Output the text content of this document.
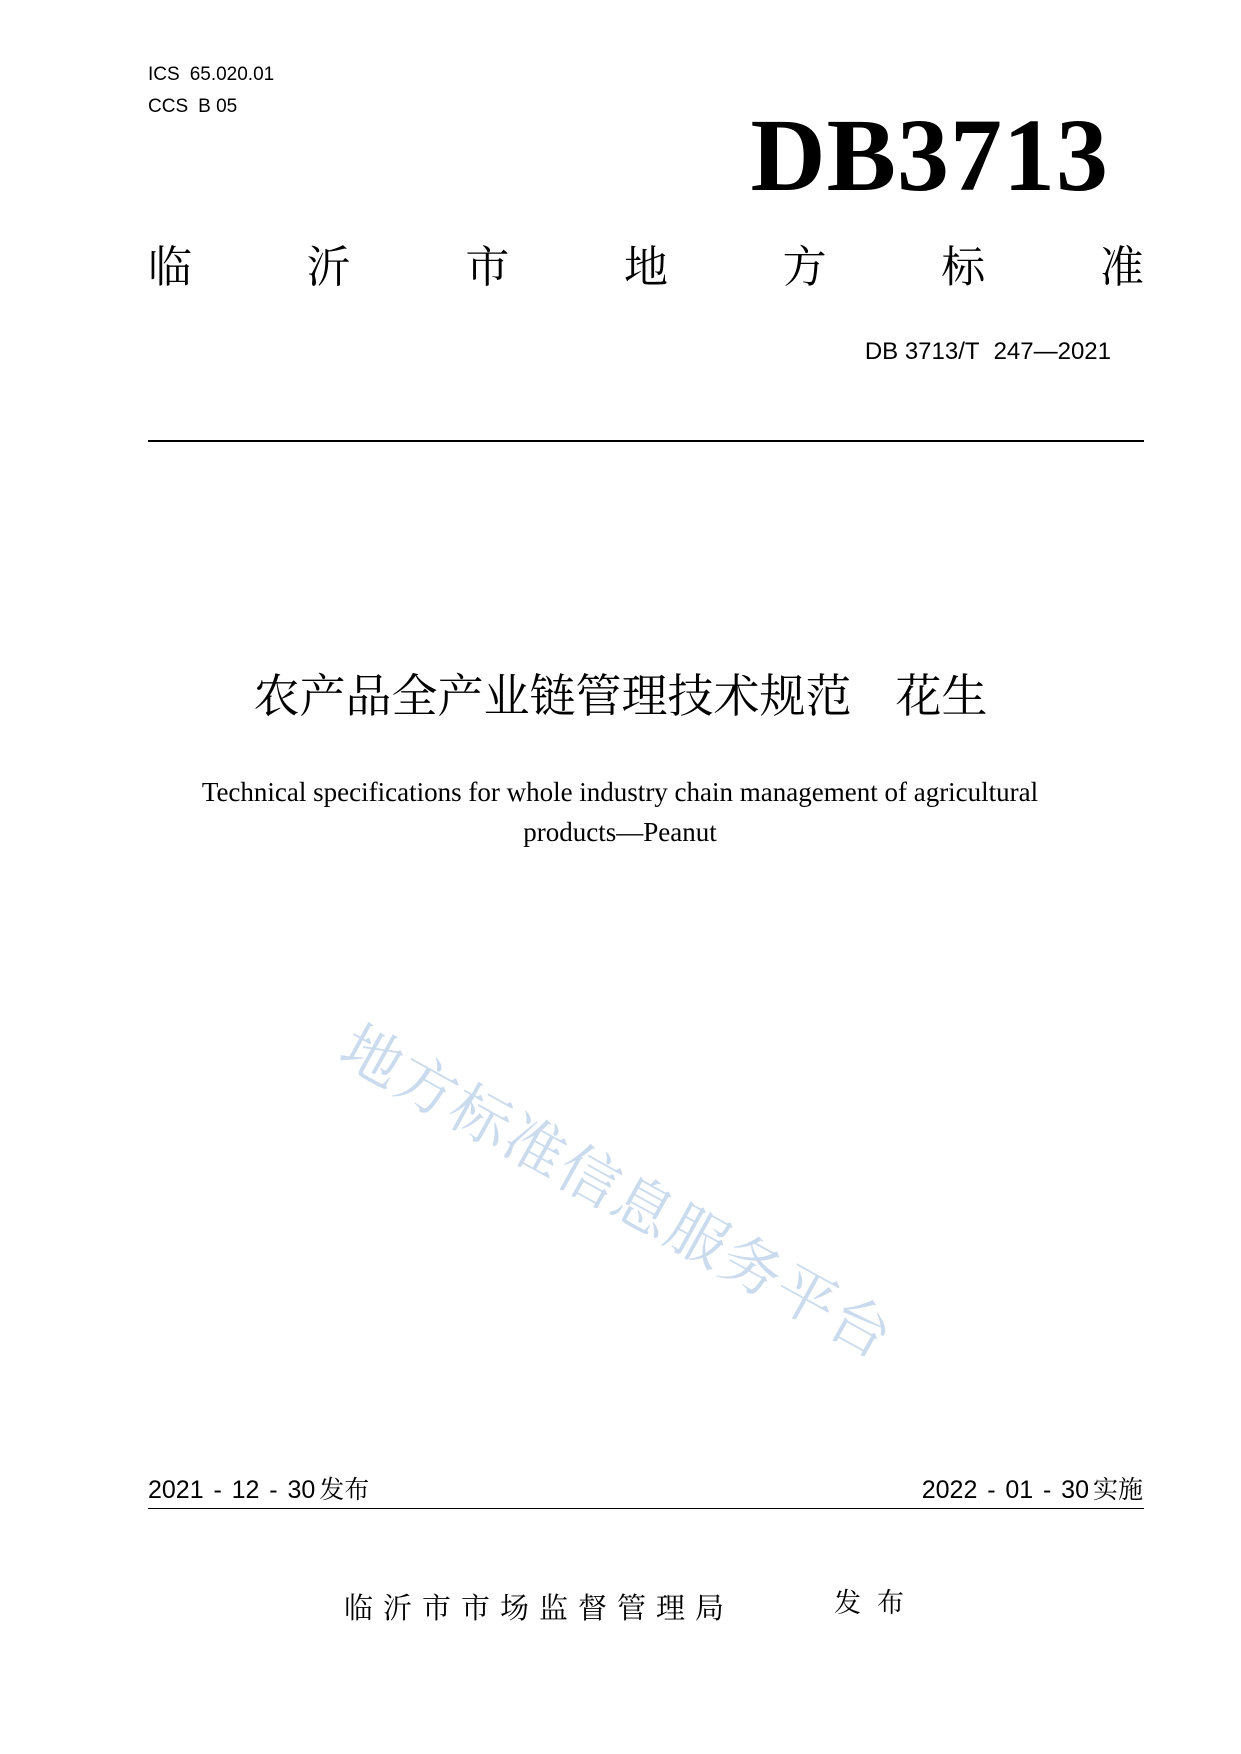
ICS 65.020.01
CCS B 05	DB3713
临	沂	市	地	方	标	准
DB 3713/T 247—2021
农产品全产业链管理技术规范 花生
Technical specifications for whole industry chain management of agricultural
products—Peanut
地方标准信息服务平台
2021 - 12 - 30 发布	2022 - 01 - 30 实施
临沂市市场监督管理局	发布
